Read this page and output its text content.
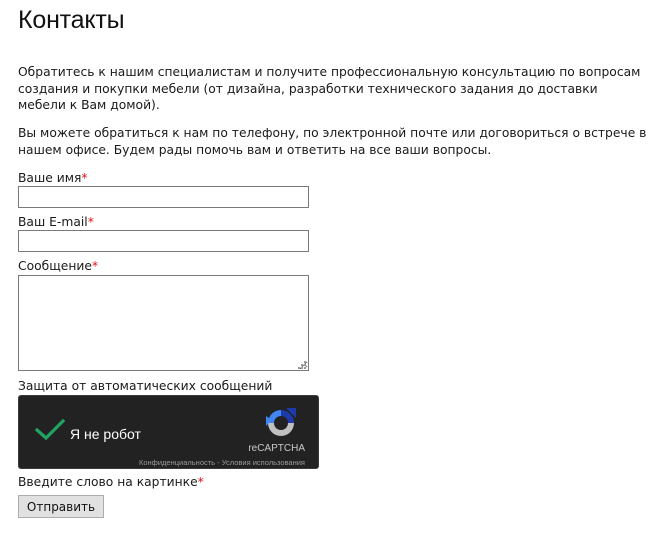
Контакты

Обратитесь к нашим специалистам и получите профессиональную консультацию по вопросам создания и покупки мебели (от дизайна, разработки технического задания до доставки мебели к Вам домой).

Вы можете обратиться к нам по телефону, по электронной почте или договориться о встрече в нашем офисе. Будем рады помочь вам и ответить на все ваши вопросы.

Ваше имя*
Ваш E-mail*
Сообщение*
Защита от автоматических сообщений
Я не робот
reCAPTCHA
Конфиденциальность - Условия использования
Введите слово на картинке*
Отправить
